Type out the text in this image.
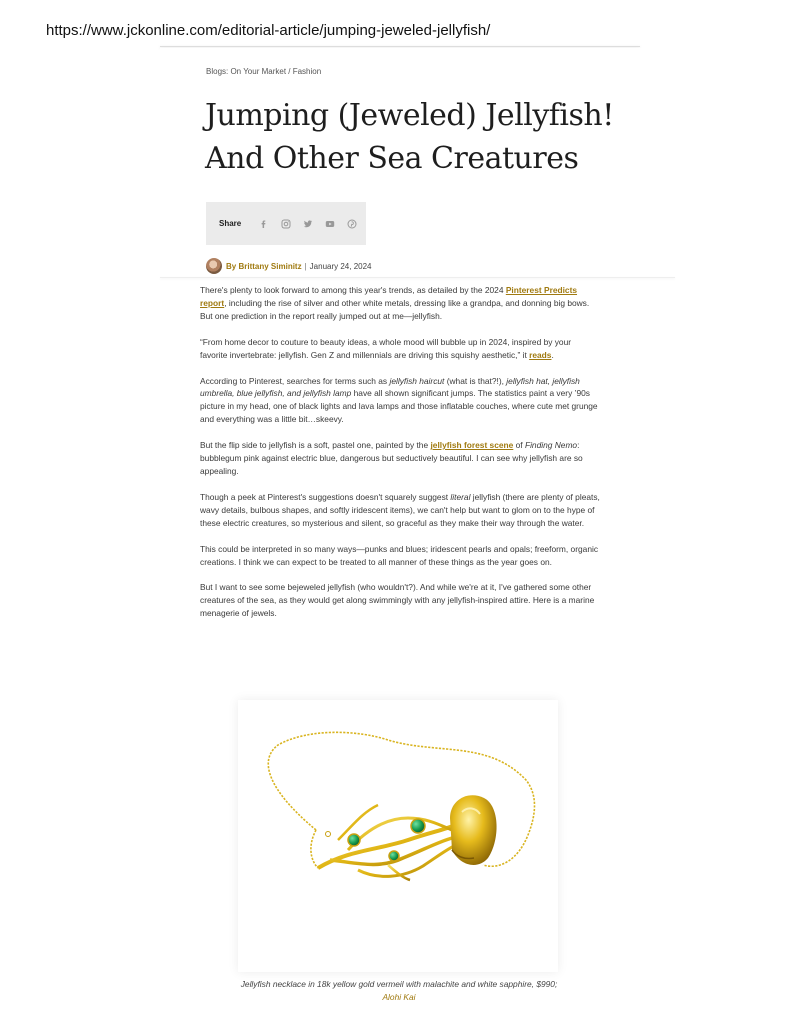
https://www.jckonline.com/editorial-article/jumping-jeweled-jellyfish/
Blogs: On Your Market / Fashion
Jumping (Jeweled) Jellyfish! And Other Sea Creatures
Share
By Brittany Siminitz | January 24, 2024

There's plenty to look forward to among this year's trends, as detailed by the 2024 Pinterest Predicts report, including the rise of silver and other white metals, dressing like a grandpa, and donning big bows. But one prediction in the report really jumped out at me—jellyfish.

“From home decor to couture to beauty ideas, a whole mood will bubble up in 2024, inspired by your favorite invertebrate: jellyfish. Gen Z and millennials are driving this squishy aesthetic,” it reads.

According to Pinterest, searches for terms such as jellyfish haircut (what is that?!), jellyfish hat, jellyfish umbrella, blue jellyfish, and jellyfish lamp have all shown significant jumps. The statistics paint a very ’90s picture in my head, one of black lights and lava lamps and those inflatable couches, where cute met grunge and everything was a little bit…skeevy.

But the flip side to jellyfish is a soft, pastel one, painted by the jellyfish forest scene of Finding Nemo: bubblegum pink against electric blue, dangerous but seductively beautiful. I can see why jellyfish are so appealing.

Though a peek at Pinterest's suggestions doesn't squarely suggest literal jellyfish (there are plenty of pleats, wavy details, bulbous shapes, and softly iridescent items), we can't help but want to glom on to the hype of these electric creatures, so mysterious and silent, so graceful as they make their way through the water.

This could be interpreted in so many ways—punks and blues; iridescent pearls and opals; freeform, organic creations. I think we can expect to be treated to all manner of these things as the year goes on.

But I want to see some bejeweled jellyfish (who wouldn't?). And while we're at it, I've gathered some other creatures of the sea, as they would get along swimmingly with any jellyfish-inspired attire. Here is a marine menagerie of jewels.

Jellyfish necklace in 18k yellow gold vermeil with malachite and white sapphire, $990; Alohi Kai
